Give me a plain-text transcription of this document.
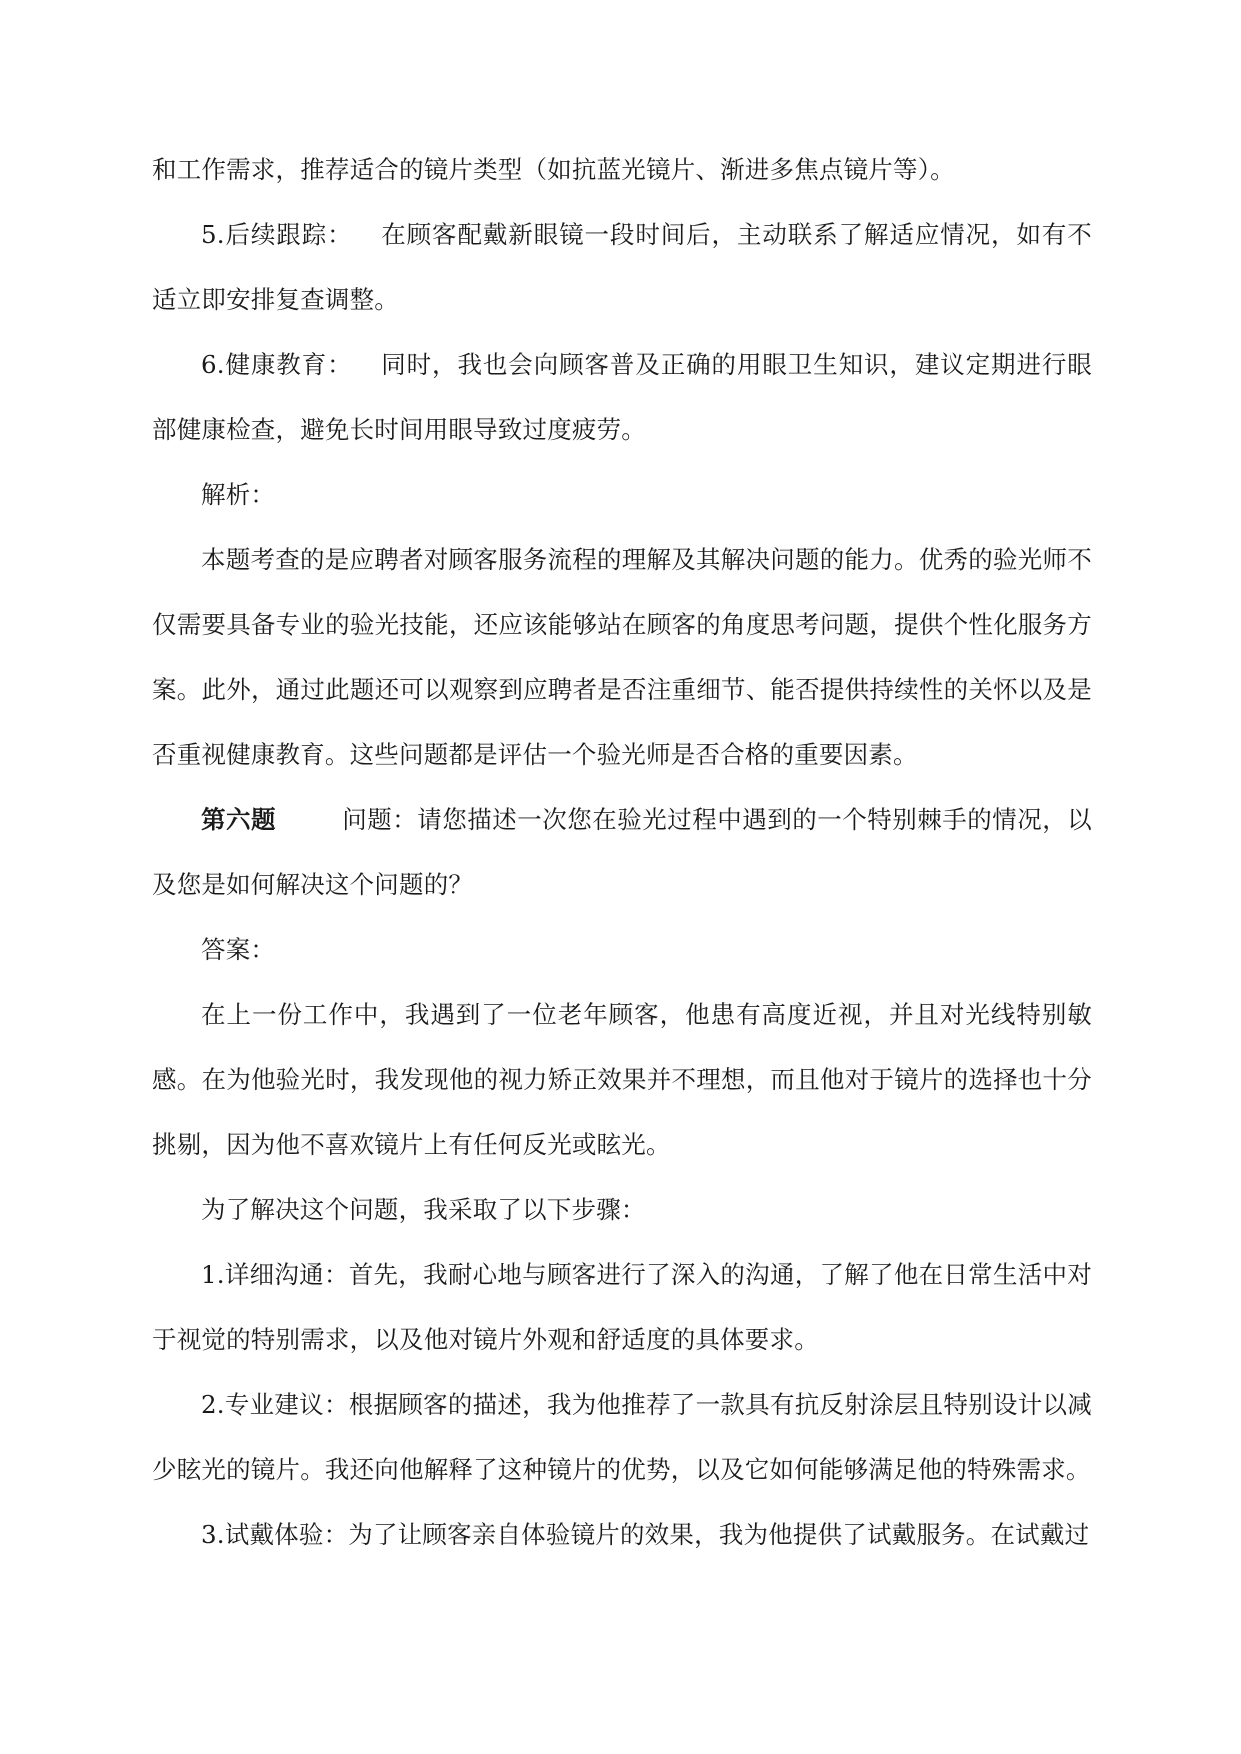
和工作需求，推荐适合的镜片类型（如抗蓝光镜片、渐进多焦点镜片等）。

5.后续跟踪： 在顾客配戴新眼镜一段时间后，主动联系了解适应情况，如有不适立即安排复查调整。

6.健康教育： 同时，我也会向顾客普及正确的用眼卫生知识，建议定期进行眼部健康检查，避免长时间用眼导致过度疲劳。

解析：

本题考查的是应聘者对顾客服务流程的理解及其解决问题的能力。优秀的验光师不仅需要具备专业的验光技能，还应该能够站在顾客的角度思考问题，提供个性化服务方案。此外，通过此题还可以观察到应聘者是否注重细节、能否提供持续性的关怀以及是否重视健康教育。这些问题都是评估一个验光师是否合格的重要因素。

第六题	问题：请您描述一次您在验光过程中遇到的一个特别棘手的情况，以及您是如何解决这个问题的？

答案：

在上一份工作中，我遇到了一位老年顾客，他患有高度近视，并且对光线特别敏感。在为他验光时，我发现他的视力矫正效果并不理想，而且他对于镜片的选择也十分挑剔，因为他不喜欢镜片上有任何反光或眩光。

为了解决这个问题，我采取了以下步骤：

1.详细沟通：首先，我耐心地与顾客进行了深入的沟通，了解了他在日常生活中对于视觉的特别需求，以及他对镜片外观和舒适度的具体要求。

2.专业建议：根据顾客的描述，我为他推荐了一款具有抗反射涂层且特别设计以减少眩光的镜片。我还向他解释了这种镜片的优势，以及它如何能够满足他的特殊需求。

3.试戴体验：为了让顾客亲自体验镜片的效果，我为他提供了试戴服务。在试戴过
